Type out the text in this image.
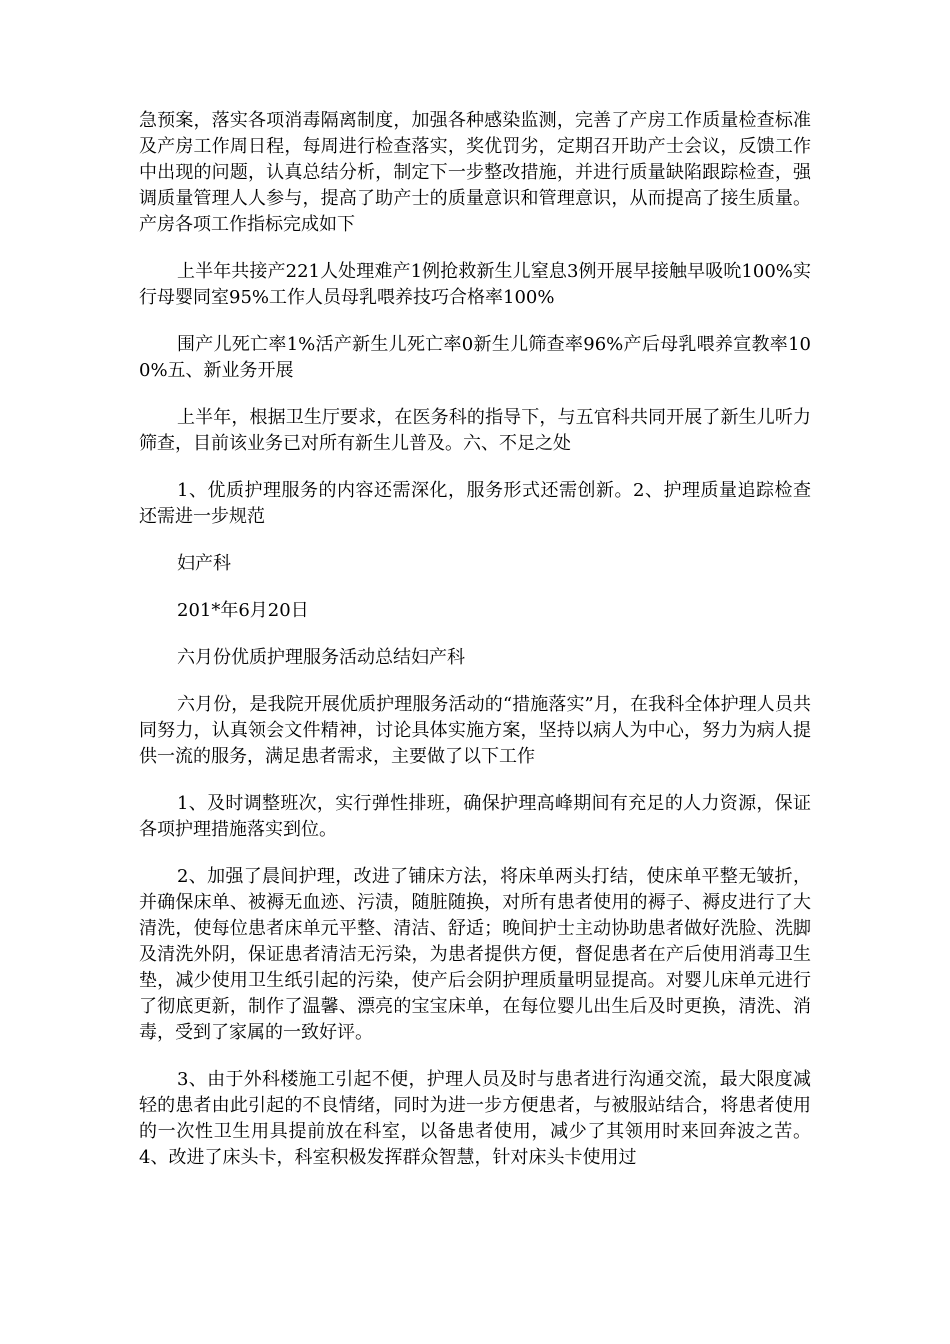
急预案，落实各项消毒隔离制度，加强各种感染监测，完善了产房工作质量检查标准及产房工作周日程，每周进行检查落实，奖优罚劣，定期召开助产士会议，反馈工作中出现的问题，认真总结分析，制定下一步整改措施，并进行质量缺陷跟踪检查，强调质量管理人人参与，提高了助产士的质量意识和管理意识，从而提高了接生质量。产房各项工作指标完成如下

上半年共接产221人处理难产1例抢救新生儿窒息3例开展早接触早吸吮100%实行母婴同室95%工作人员母乳喂养技巧合格率100%

围产儿死亡率1%活产新生儿死亡率0新生儿筛查率96%产后母乳喂养宣教率100%五、新业务开展

上半年，根据卫生厅要求，在医务科的指导下，与五官科共同开展了新生儿听力筛查，目前该业务已对所有新生儿普及。六、不足之处

1、优质护理服务的内容还需深化，服务形式还需创新。2、护理质量追踪检查还需进一步规范

妇产科

201*年6月20日

六月份优质护理服务活动总结妇产科

六月份，是我院开展优质护理服务活动的“措施落实”月，在我科全体护理人员共同努力，认真领会文件精神，讨论具体实施方案，坚持以病人为中心，努力为病人提供一流的服务，满足患者需求，主要做了以下工作

1、及时调整班次，实行弹性排班，确保护理高峰期间有充足的人力资源，保证各项护理措施落实到位。

2、加强了晨间护理，改进了铺床方法，将床单两头打结，使床单平整无皱折，并确保床单、被褥无血迹、污渍，随脏随换，对所有患者使用的褥子、褥皮进行了大清洗，使每位患者床单元平整、清洁、舒适；晚间护士主动协助患者做好洗脸、洗脚及清洗外阴，保证患者清洁无污染，为患者提供方便，督促患者在产后使用消毒卫生垫，减少使用卫生纸引起的污染，使产后会阴护理质量明显提高。对婴儿床单元进行了彻底更新，制作了温馨、漂亮的宝宝床单，在每位婴儿出生后及时更换，清洗、消毒，受到了家属的一致好评。

3、由于外科楼施工引起不便，护理人员及时与患者进行沟通交流，最大限度减轻的患者由此引起的不良情绪，同时为进一步方便患者，与被服站结合，将患者使用的一次性卫生用具提前放在科室，以备患者使用，减少了其领用时来回奔波之苦。4、改进了床头卡，科室积极发挥群众智慧，针对床头卡使用过
